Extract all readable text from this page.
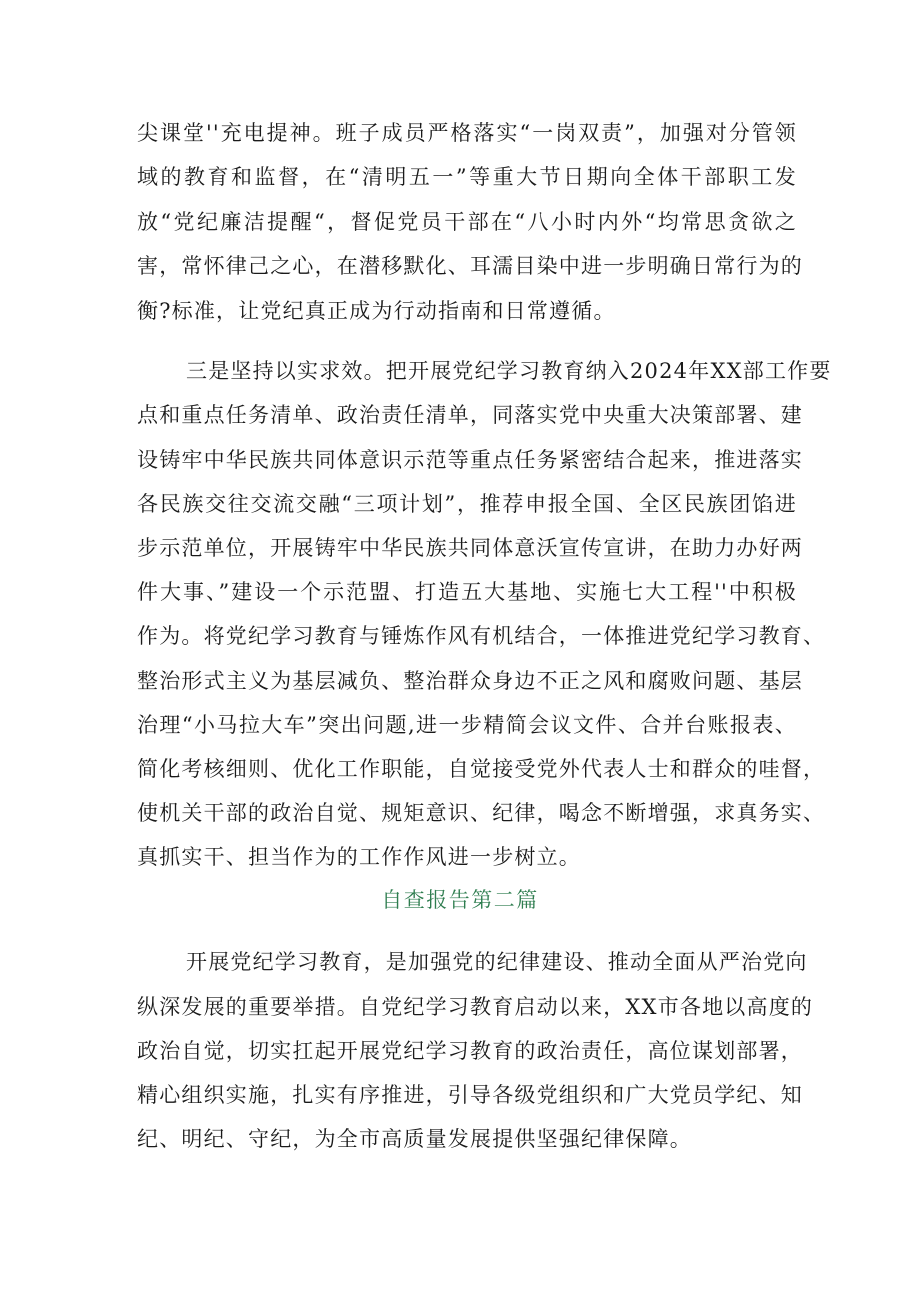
尖课堂''充电提神。班子成员严格落实“一岗双责”，加强对分管领
域的教育和监督，在“清明五一”等重大节日期向全体干部职工发
放“党纪廉洁提醒“，督促党员干部在“八小时内外“均常思贪欲之
害，常怀律己之心，在潜移默化、耳濡目染中进一步明确日常行为的
衡?标准，让党纪真正成为行动指南和日常遵循。
三是坚持以实求效。把开展党纪学习教育纳入2024年XX部工作要
点和重点任务清单、政治责任清单，同落实党中央重大决策部署、建
设铸牢中华民族共同体意识示范等重点任务紧密结合起来，推进落实
各民族交往交流交融“三项计划”，推荐申报全国、全区民族团馅进
步示范单位，开展铸牢中华民族共同体意沃宣传宣讲，在助力办好两
件大事、”建设一个示范盟、打造五大基地、实施七大工程''中积极
作为。将党纪学习教育与锤炼作风有机结合，一体推进党纪学习教育、
整治形式主义为基层减负、整治群众身边不正之风和腐败问题、基层
治理“小马拉大车”突出问题,进一步精简会议文件、合并台账报表、
简化考核细则、优化工作职能，自觉接受党外代表人士和群众的哇督，
使机关干部的政治自觉、规矩意识、纪律，喝念不断增强，求真务实、
真抓实干、担当作为的工作作风进一步树立。
自查报告第二篇
开展党纪学习教育，是加强党的纪律建设、推动全面从严治党向
纵深发展的重要举措。自党纪学习教育启动以来，XX市各地以高度的
政治自觉，切实扛起开展党纪学习教育的政治责任，高位谋划部署，
精心组织实施，扎实有序推进，引导各级党组织和广大党员学纪、知
纪、明纪、守纪，为全市高质量发展提供坚强纪律保障。
